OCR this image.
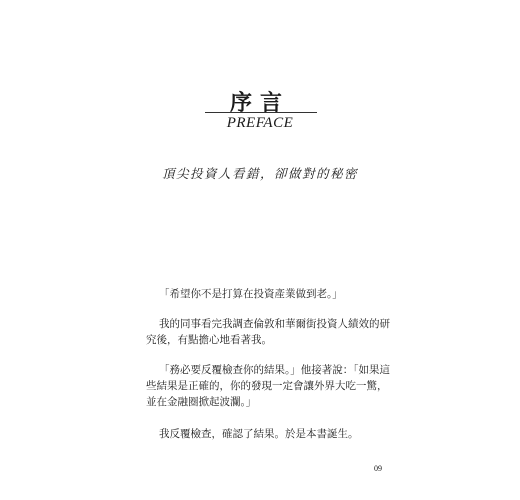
序言
PREFACE
頂尖投資人看錯，卻做對的秘密

「希望你不是打算在投資產業做到老。」

我的同事看完我調查倫敦和華爾街投資人績效的研究後，有點擔心地看著我。

「務必要反覆檢查你的結果。」他接著說：「如果這些結果是正確的，你的發現一定會讓外界大吃一驚，並在金融圈掀起波瀾。」

我反覆檢查，確認了結果。於是本書誕生。

09
